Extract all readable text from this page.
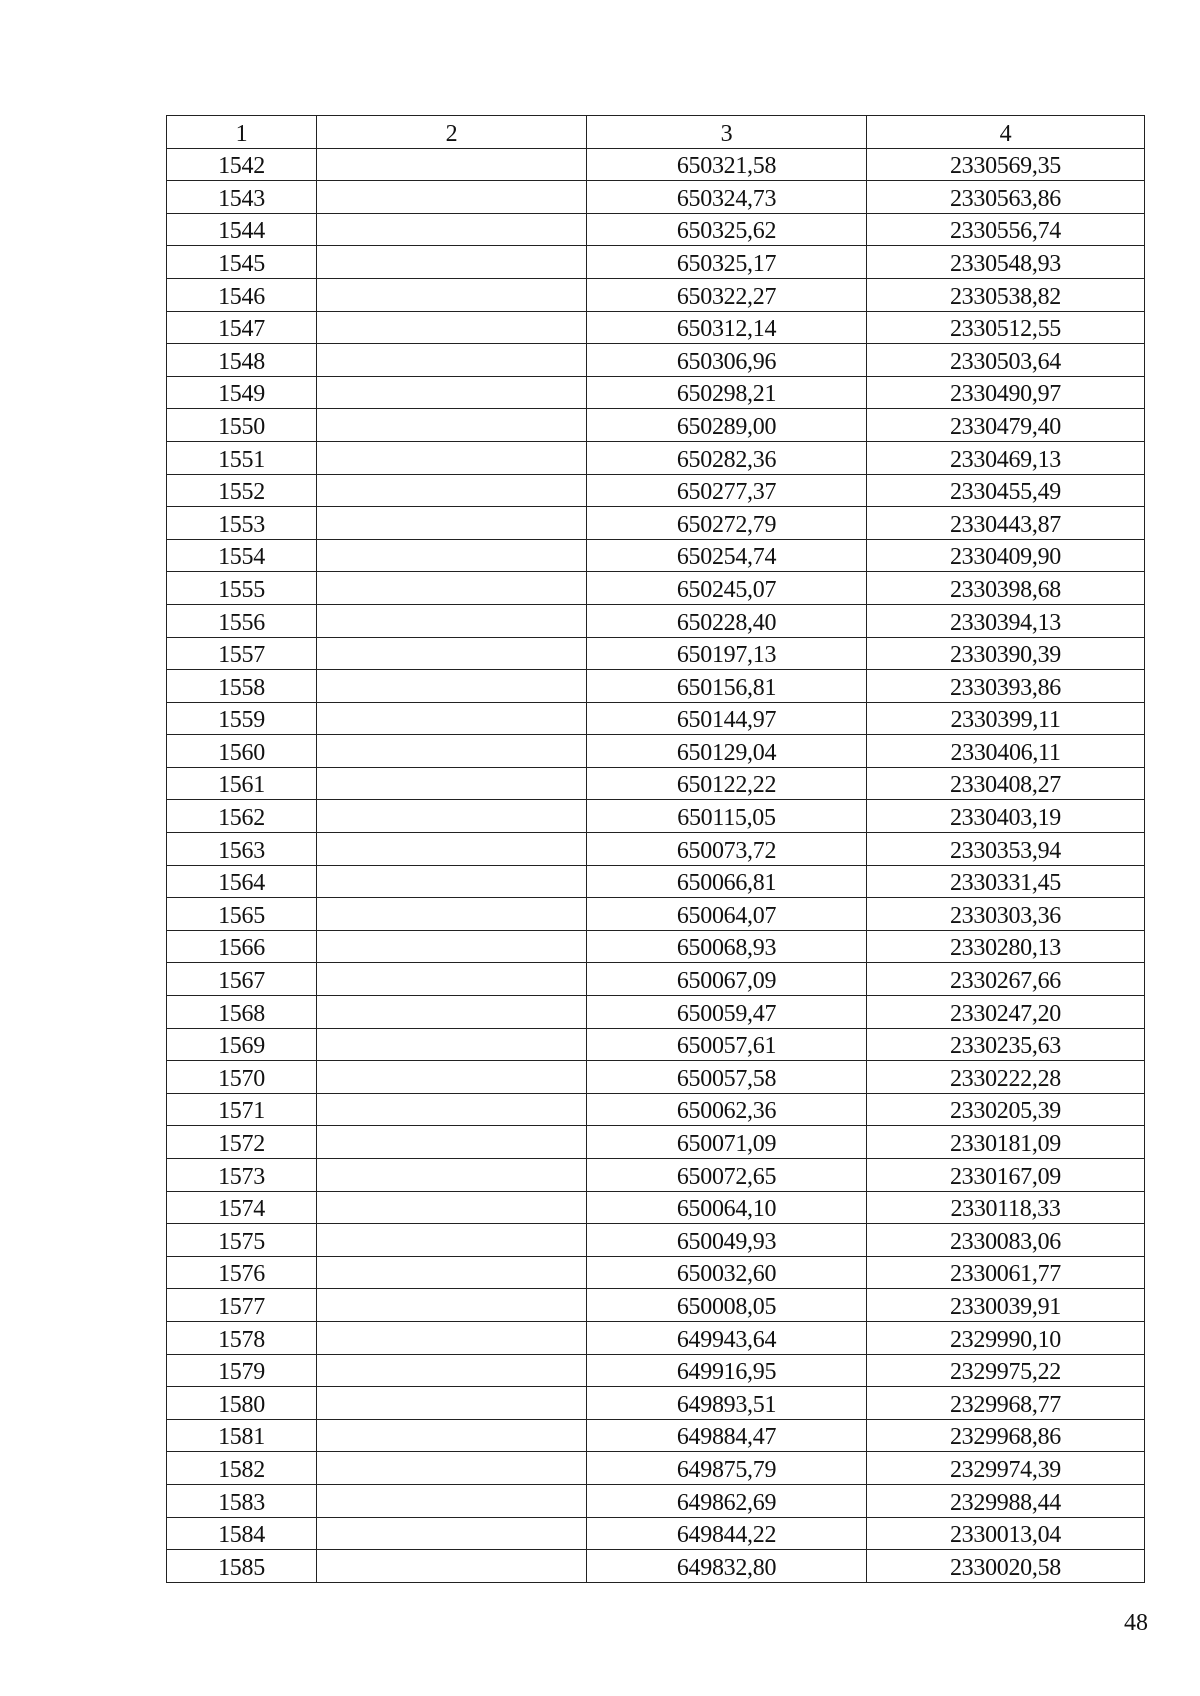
1	2	3	4
1542		650321,58	2330569,35
1543		650324,73	2330563,86
1544		650325,62	2330556,74
1545		650325,17	2330548,93
1546		650322,27	2330538,82
1547		650312,14	2330512,55
1548		650306,96	2330503,64
1549		650298,21	2330490,97
1550		650289,00	2330479,40
1551		650282,36	2330469,13
1552		650277,37	2330455,49
1553		650272,79	2330443,87
1554		650254,74	2330409,90
1555		650245,07	2330398,68
1556		650228,40	2330394,13
1557		650197,13	2330390,39
1558		650156,81	2330393,86
1559		650144,97	2330399,11
1560		650129,04	2330406,11
1561		650122,22	2330408,27
1562		650115,05	2330403,19
1563		650073,72	2330353,94
1564		650066,81	2330331,45
1565		650064,07	2330303,36
1566		650068,93	2330280,13
1567		650067,09	2330267,66
1568		650059,47	2330247,20
1569		650057,61	2330235,63
1570		650057,58	2330222,28
1571		650062,36	2330205,39
1572		650071,09	2330181,09
1573		650072,65	2330167,09
1574		650064,10	2330118,33
1575		650049,93	2330083,06
1576		650032,60	2330061,77
1577		650008,05	2330039,91
1578		649943,64	2329990,10
1579		649916,95	2329975,22
1580		649893,51	2329968,77
1581		649884,47	2329968,86
1582		649875,79	2329974,39
1583		649862,69	2329988,44
1584		649844,22	2330013,04
1585		649832,80	2330020,58
48
